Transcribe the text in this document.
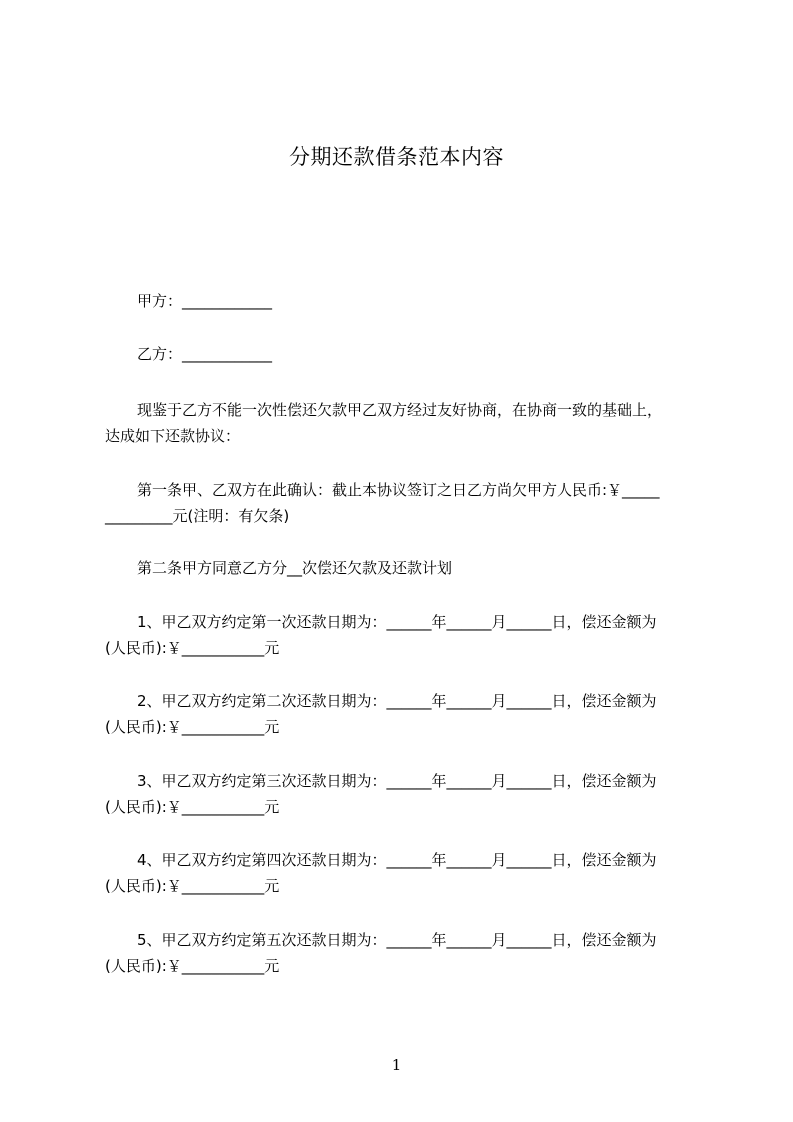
分期还款借条范本内容
甲方：____________
乙方：____________
现鉴于乙方不能一次性偿还欠款甲乙双方经过友好协商，在协商一致的基础上，
达成如下还款协议：
第一条甲、乙双方在此确认：截止本协议签订之日乙方尚欠甲方人民币:￥_____
_________元(注明：有欠条)
第二条甲方同意乙方分__次偿还欠款及还款计划
1、甲乙双方约定第一次还款日期为：______年______月______日，偿还金额为
(人民币):￥___________元
2、甲乙双方约定第二次还款日期为：______年______月______日，偿还金额为
(人民币):￥___________元
3、甲乙双方约定第三次还款日期为：______年______月______日，偿还金额为
(人民币):￥___________元
4、甲乙双方约定第四次还款日期为：______年______月______日，偿还金额为
(人民币):￥___________元
5、甲乙双方约定第五次还款日期为：______年______月______日，偿还金额为
(人民币):￥___________元
1
